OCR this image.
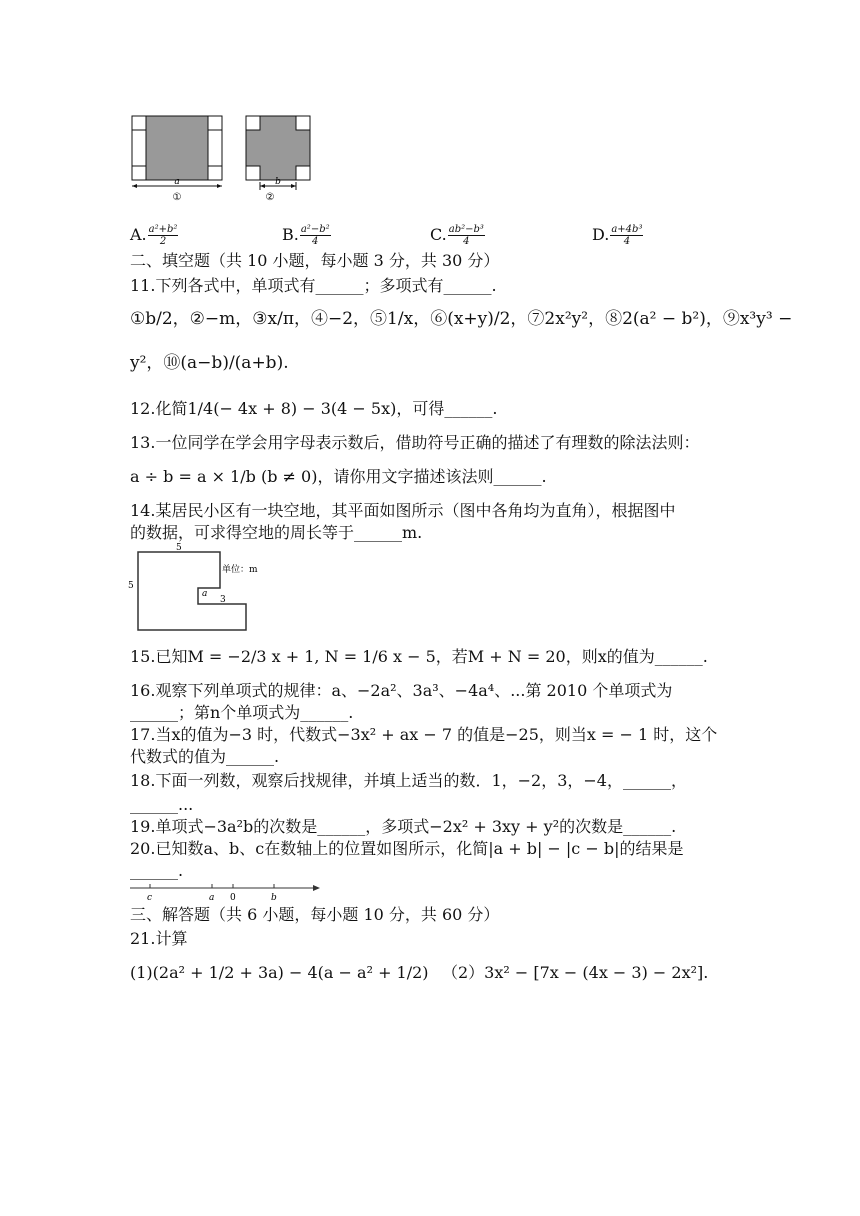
a
①
b
②
A. $\frac{\text{a²+b²}}{2}$	B. $\frac{\text{a²−b²}}{4}$	C. $\frac{\text{ab²−b³}}{4}$	D. $\frac{\text{a+4b³}}{4}$
二、填空题（共 10 小题，每小题 3 分，共 30 分）
11.下列各式中，单项式有______；多项式有______.
①b/2，②−m，③x/π，④−2，⑤1/x，⑥(x+y)/2，⑦2x²y²，⑧2(a² − b²)，⑨x³y³ −
y²，⑩(a−b)/(a+b).
12.化简1/4(− 4x + 8) − 3(4 − 5x)，可得______.
13.一位同学在学会用字母表示数后，借助符号正确的描述了有理数的除法法则：
a ÷ b = a × 1/b (b ≠ 0)，请你用文字描述该法则______.
14.某居民小区有一块空地，其平面如图所示（图中各角均为直角），根据图中
的数据，可求得空地的周长等于______m.
5
5
单位：m
a
3
15.已知M = −2/3 x + 1, N = 1/6 x − 5，若M + N = 20，则x的值为______.
16.观察下列单项式的规律：a、−2a²、3a³、−4a⁴、...第 2010 个单项式为
______；第n个单项式为______.
17.当x的值为−3 时，代数式−3x² + ax − 7 的值是−25，则当x = − 1 时，这个
代数式的值为______.
18.下面一列数，观察后找规律，并填上适当的数．1，−2，3，−4，______，
______...
19.单项式−3a²b的次数是______，多项式−2x² + 3xy + y²的次数是______.
20.已知数a、b、c在数轴上的位置如图所示，化简|a + b| − |c − b|的结果是
______.
c	a 0	b
三、解答题（共 6 小题，每小题 10 分，共 60 分）
21.计算
(1)(2a² + 1/2 + 3a) − 4(a − a² + 1/2) （2）3x² − [7x − (4x − 3) − 2x²].
